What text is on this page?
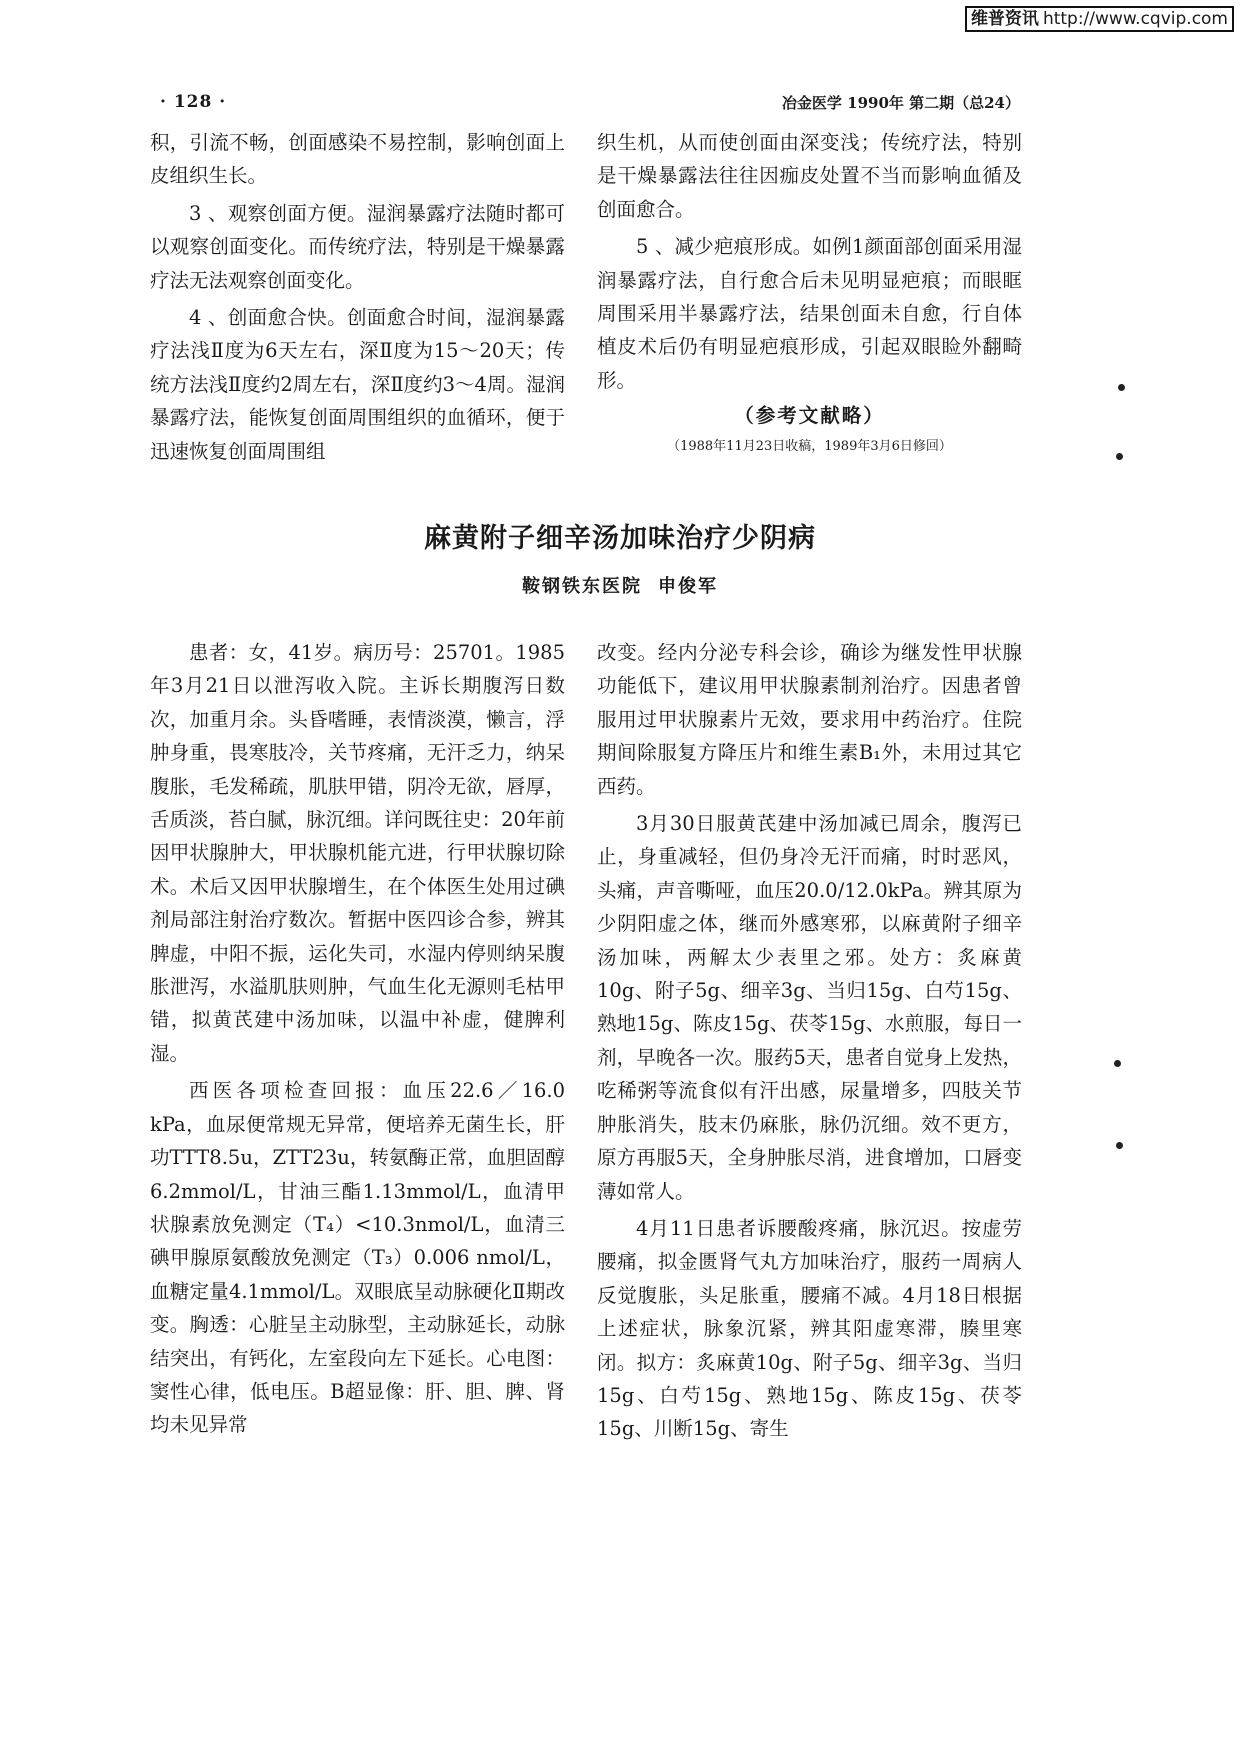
维普资讯 http://www.cqvip.com
· 128 ·	冶金医学 1990年 第二期（总24）

积，引流不畅，创面感染不易控制，影响创面上皮组织生长。

3 、观察创面方便。湿润暴露疗法随时都可以观察创面变化。而传统疗法，特别是干燥暴露疗法无法观察创面变化。

4 、创面愈合快。创面愈合时间，湿润暴露疗法浅Ⅱ度为6天左右，深Ⅱ度为15～20天；传统方法浅Ⅱ度约2周左右，深Ⅱ度约3～4周。湿润暴露疗法，能恢复创面周围组织的血循环，便于迅速恢复创面周围组

织生机，从而使创面由深变浅；传统疗法，特别是干燥暴露法往往因痂皮处置不当而影响血循及创面愈合。

5 、减少疤痕形成。如例1颜面部创面采用湿润暴露疗法，自行愈合后未见明显疤痕；而眼眶周围采用半暴露疗法，结果创面未自愈，行自体植皮术后仍有明显疤痕形成，引起双眼睑外翻畸形。

（参考文献略）

（1988年11月23日收稿，1989年3月6日修回）

麻黄附子细辛汤加味治疗少阴病
鞍钢铁东医院 申俊军

患者：女，41岁。病历号：25701。1985年3月21日以泄泻收入院。主诉长期腹泻日数次，加重月余。头昏嗜睡，表情淡漠，懒言，浮肿身重，畏寒肢冷，关节疼痛，无汗乏力，纳呆腹胀，毛发稀疏，肌肤甲错，阴冷无欲，唇厚，舌质淡，苔白腻，脉沉细。详问既往史：20年前因甲状腺肿大，甲状腺机能亢进，行甲状腺切除术。术后又因甲状腺增生，在个体医生处用过碘剂局部注射治疗数次。暂据中医四诊合参，辨其脾虚，中阳不振，运化失司，水湿内停则纳呆腹胀泄泻，水溢肌肤则肿，气血生化无源则毛枯甲错，拟黄芪建中汤加味，以温中补虚，健脾利湿。

西医各项检查回报：血压22.6／16.0 kPa，血尿便常规无异常，便培养无菌生长，肝功TTT8.5u，ZTT23u，转氨酶正常，血胆固醇6.2mmol/L，甘油三酯1.13mmol/L，血清甲状腺素放免测定（T₄）<10.3nmol/L，血清三碘甲腺原氨酸放免测定（T₃）0.006 nmol/L，血糖定量4.1mmol/L。双眼底呈动脉硬化Ⅱ期改变。胸透：心脏呈主动脉型，主动脉延长，动脉结突出，有钙化，左室段向左下延长。心电图：窦性心律，低电压。B超显像：肝、胆、脾、肾均未见异常

改变。经内分泌专科会诊，确诊为继发性甲状腺功能低下，建议用甲状腺素制剂治疗。因患者曾服用过甲状腺素片无效，要求用中药治疗。住院期间除服复方降压片和维生素B₁外，未用过其它西药。

3月30日服黄芪建中汤加减已周余，腹泻已止，身重减轻，但仍身冷无汗而痛，时时恶风，头痛，声音嘶哑，血压20.0/12.0kPa。辨其原为少阴阳虚之体，继而外感寒邪，以麻黄附子细辛汤加味，两解太少表里之邪。处方：炙麻黄10g、附子5g、细辛3g、当归15g、白芍15g、熟地15g、陈皮15g、茯苓15g、水煎服，每日一剂，早晚各一次。服药5天，患者自觉身上发热，吃稀粥等流食似有汗出感，尿量增多，四肢关节肿胀消失，肢末仍麻胀，脉仍沉细。效不更方，原方再服5天，全身肿胀尽消，进食增加，口唇变薄如常人。

4月11日患者诉腰酸疼痛，脉沉迟。按虚劳腰痛，拟金匮肾气丸方加味治疗，服药一周病人反觉腹胀，头足胀重，腰痛不减。4月18日根据上述症状，脉象沉紧，辨其阳虚寒滞，腠里寒闭。拟方：炙麻黄10g、附子5g、细辛3g、当归15g、白芍15g、熟地15g、陈皮15g、茯苓15g、川断15g、寄生
